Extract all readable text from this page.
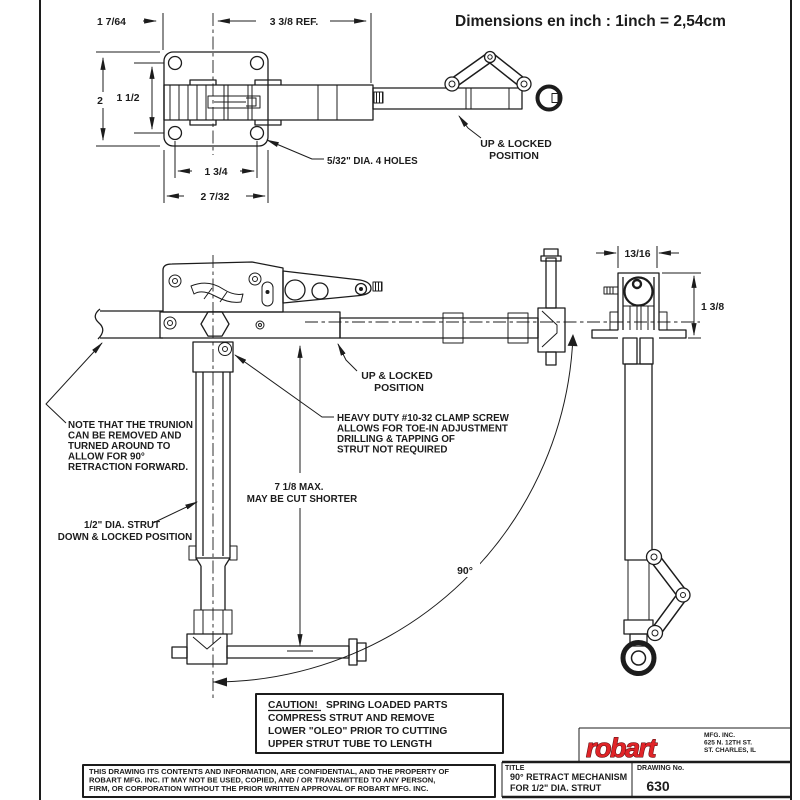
Dimensions en inch : 1inch = 2,54cm
1 7/64	3 3/8 REF.
2 1 1/2
1 3/4
2 7/32
5/32" DIA. 4 HOLES
UP & LOCKED
POSITION
UP & LOCKED
POSITION
NOTE THAT THE TRUNION
CAN BE REMOVED AND
TURNED AROUND TO
ALLOW FOR 90°
RETRACTION FORWARD.
HEAVY DUTY #10-32 CLAMP SCREW
ALLOWS FOR TOE-IN ADJUSTMENT
DRILLING & TAPPING OF
STRUT NOT REQUIRED
1/2" DIA. STRUT
DOWN & LOCKED POSITION
7 1/8 MAX.
MAY BE CUT SHORTER
90°
13/16
1 3/8
CAUTION! SPRING LOADED PARTS
COMPRESS STRUT AND REMOVE
LOWER "OLEO" PRIOR TO CUTTING
UPPER STRUT TUBE TO LENGTH
THIS DRAWING ITS CONTENTS AND INFORMATION, ARE CONFIDENTIAL, AND THE PROPERTY OF
ROBART MFG. INC. IT MAY NOT BE USED, COPIED, AND / OR TRANSMITTED TO ANY PERSON,
FIRM, OR CORPORATION WITHOUT THE PRIOR WRITTEN APPROVAL OF ROBART MFG. INC.
robart	MFG. INC.
625 N. 12TH ST.
ST. CHARLES, IL
TITLE
90° RETRACT MECHANISM
FOR 1/2" DIA. STRUT
DRAWING No.
630
